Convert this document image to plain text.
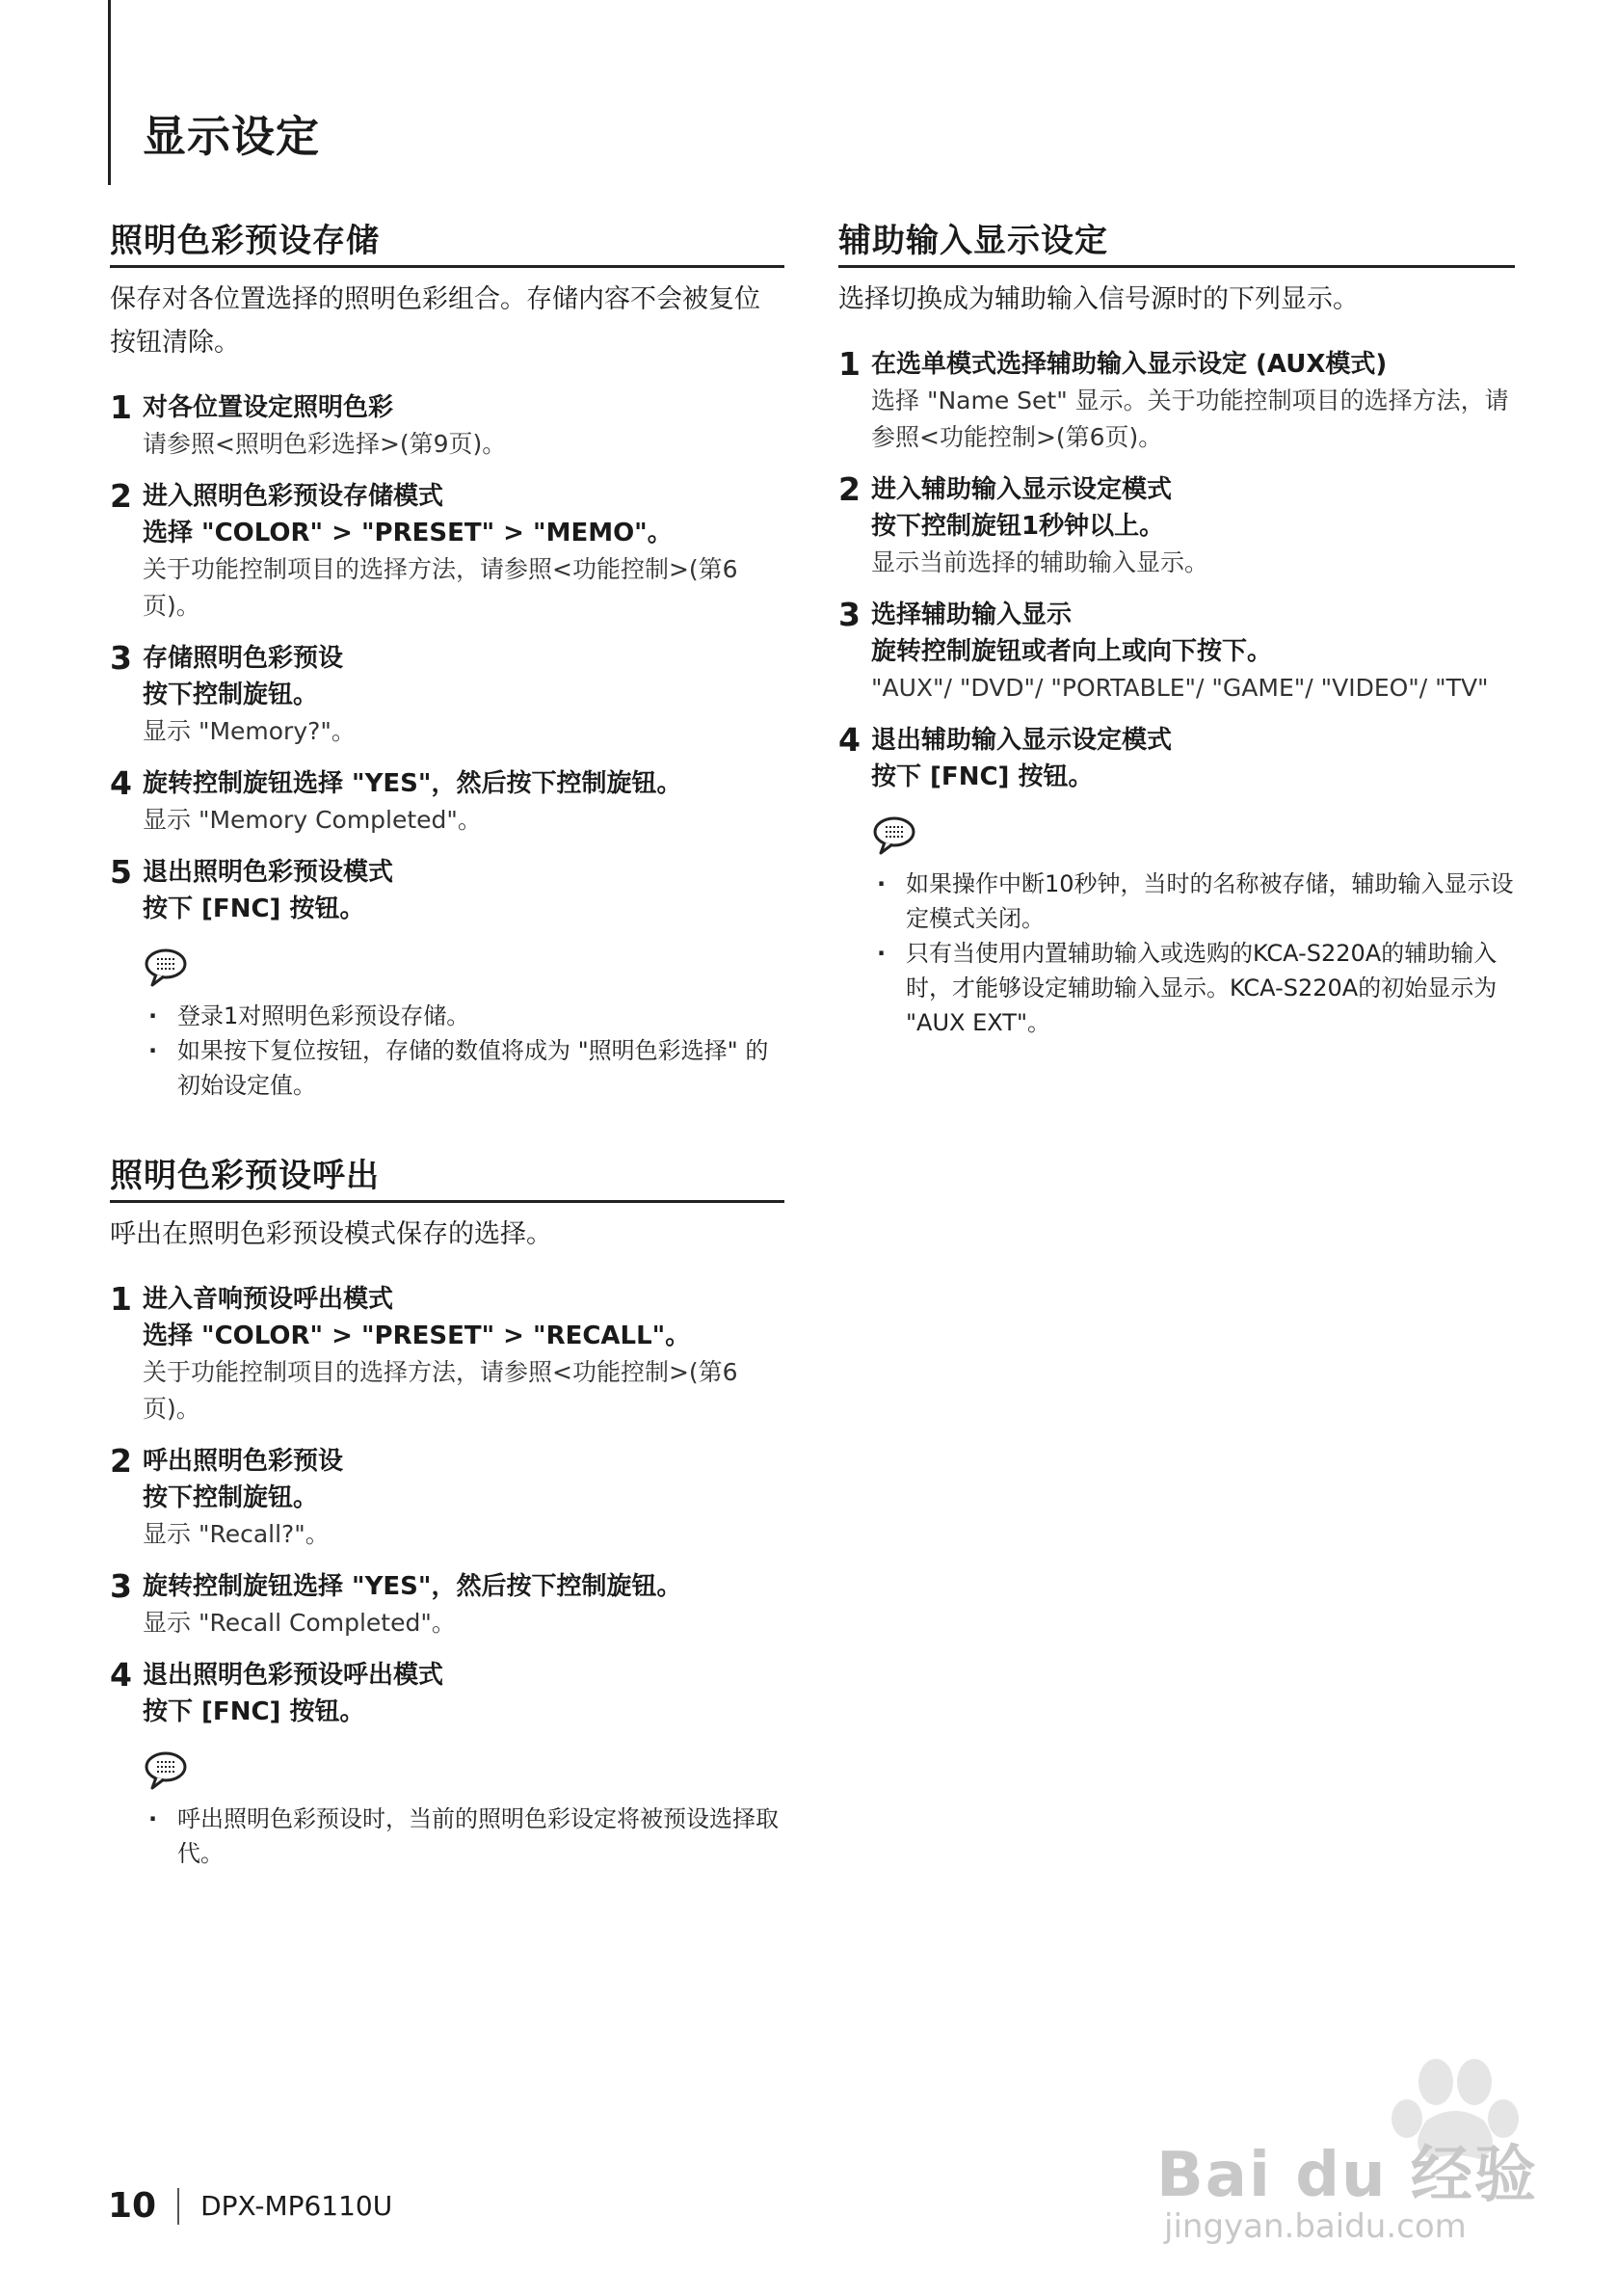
显示设定
照明色彩预设存储

保存对各位置选择的照明色彩组合。存储内容不会被复位按钮清除。

1 对各位置设定照明色彩
请参照<照明色彩选择>(第9页)。
2 进入照明色彩预设存储模式
选择 "COLOR" > "PRESET" > "MEMO"。
关于功能控制项目的选择方法，请参照<功能控制>(第6页)。
3 存储照明色彩预设
按下控制旋钮。
显示 "Memory?"。
4 旋转控制旋钮选择 "YES"，然后按下控制旋钮。
显示 "Memory Completed"。
5 退出照明色彩预设模式
按下 [FNC] 按钮。
· 登录1对照明色彩预设存储。
· 如果按下复位按钮，存储的数值将成为 "照明色彩选择" 的初始设定值。
照明色彩预设呼出

呼出在照明色彩预设模式保存的选择。

1 进入音响预设呼出模式
选择 "COLOR" > "PRESET" > "RECALL"。
关于功能控制项目的选择方法，请参照<功能控制>(第6页)。
2 呼出照明色彩预设
按下控制旋钮。
显示 "Recall?"。
3 旋转控制旋钮选择 "YES"，然后按下控制旋钮。
显示 "Recall Completed"。
4 退出照明色彩预设呼出模式
按下 [FNC] 按钮。
· 呼出照明色彩预设时，当前的照明色彩设定将被预设选择取代。
辅助输入显示设定

选择切换成为辅助输入信号源时的下列显示。

1 在选单模式选择辅助输入显示设定 (AUX模式)
选择 "Name Set" 显示。关于功能控制项目的选择方法，请参照<功能控制>(第6页)。
2 进入辅助输入显示设定模式
按下控制旋钮1秒钟以上。
显示当前选择的辅助输入显示。
3 选择辅助输入显示
旋转控制旋钮或者向上或向下按下。
"AUX"/ "DVD"/ "PORTABLE"/ "GAME"/ "VIDEO"/ "TV"
4 退出辅助输入显示设定模式
按下 [FNC] 按钮。
· 如果操作中断10秒钟，当时的名称被存储，辅助输入显示设定模式关闭。
· 只有当使用内置辅助输入或选购的KCA-S220A的辅助输入时，才能够设定辅助输入显示。KCA-S220A的初始显示为 "AUX EXT"。
10 DPX-MP6110U	Bai du 经验
jingyan.baidu.com
